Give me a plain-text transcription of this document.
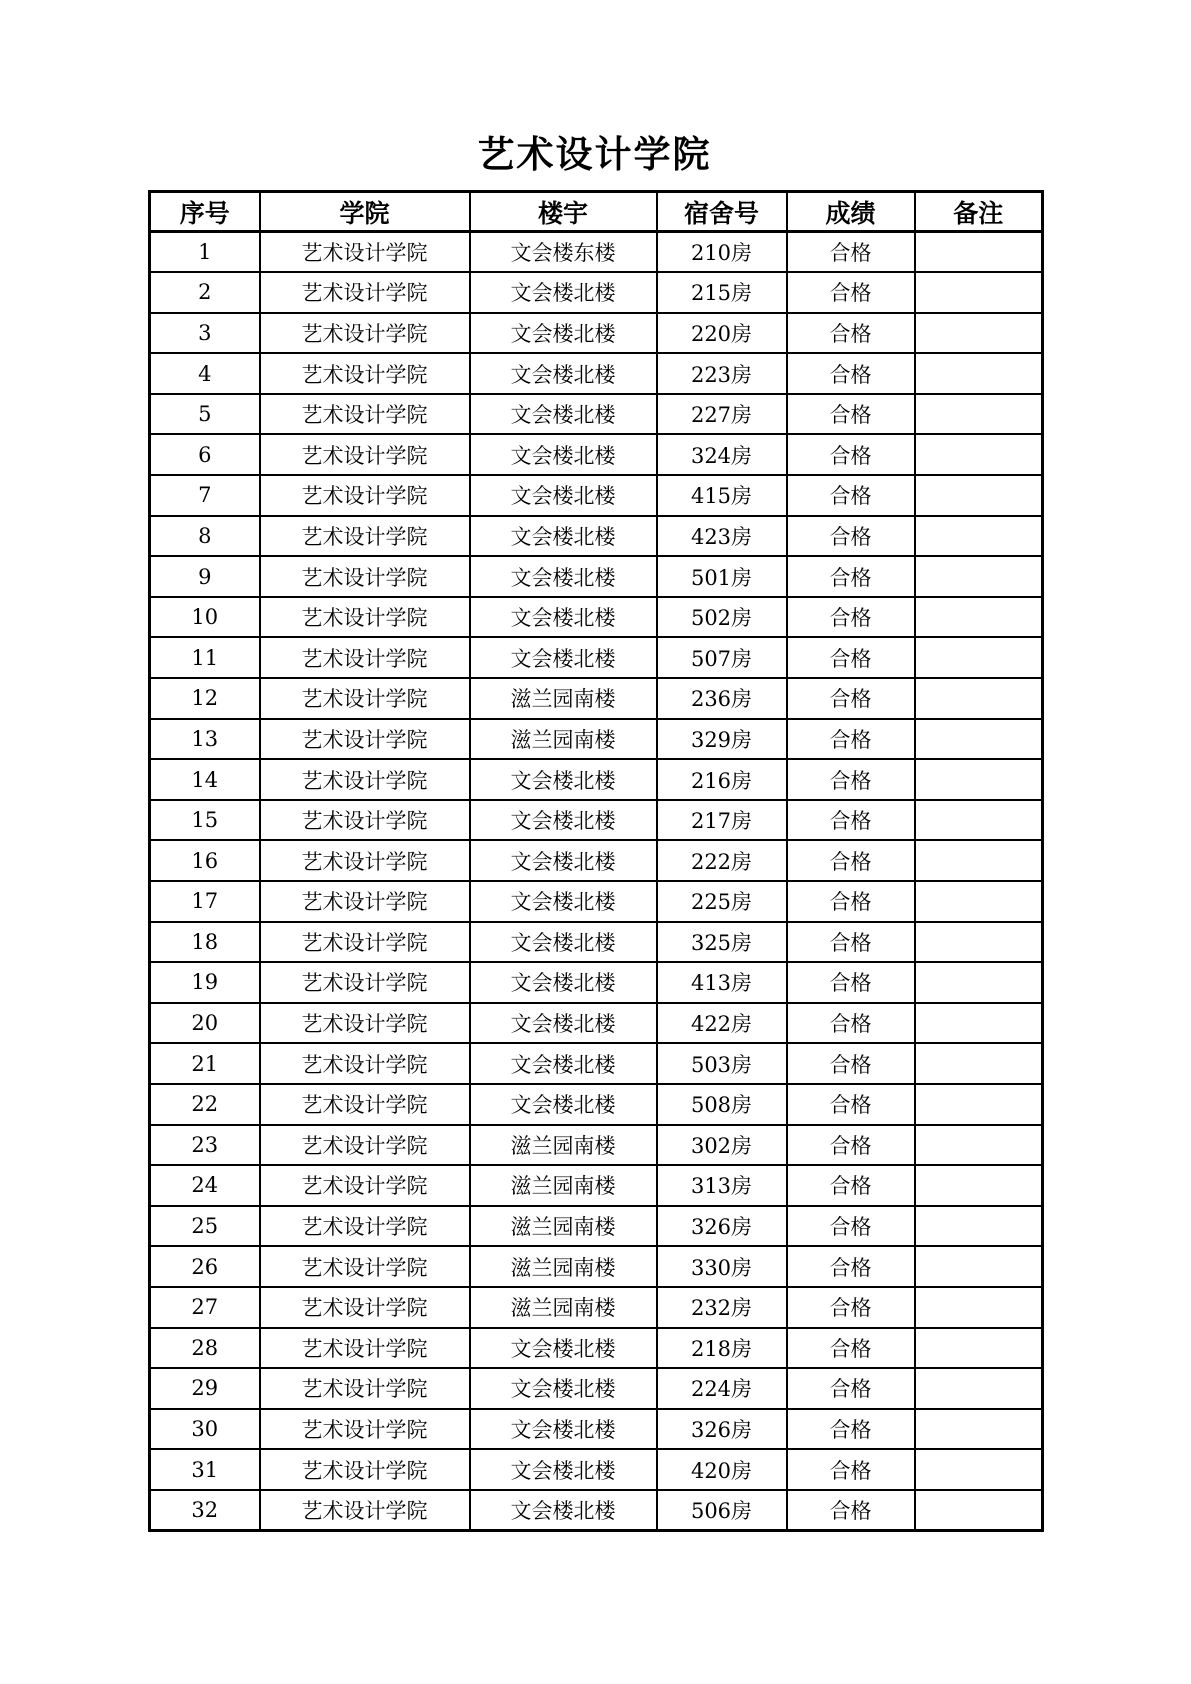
艺术设计学院
序号	学院	楼宇	宿舍号	成绩	备注
1	艺术设计学院	文会楼东楼	210房	合格	
2	艺术设计学院	文会楼北楼	215房	合格	
3	艺术设计学院	文会楼北楼	220房	合格	
4	艺术设计学院	文会楼北楼	223房	合格	
5	艺术设计学院	文会楼北楼	227房	合格	
6	艺术设计学院	文会楼北楼	324房	合格	
7	艺术设计学院	文会楼北楼	415房	合格	
8	艺术设计学院	文会楼北楼	423房	合格	
9	艺术设计学院	文会楼北楼	501房	合格	
10	艺术设计学院	文会楼北楼	502房	合格	
11	艺术设计学院	文会楼北楼	507房	合格	
12	艺术设计学院	滋兰园南楼	236房	合格	
13	艺术设计学院	滋兰园南楼	329房	合格	
14	艺术设计学院	文会楼北楼	216房	合格	
15	艺术设计学院	文会楼北楼	217房	合格	
16	艺术设计学院	文会楼北楼	222房	合格	
17	艺术设计学院	文会楼北楼	225房	合格	
18	艺术设计学院	文会楼北楼	325房	合格	
19	艺术设计学院	文会楼北楼	413房	合格	
20	艺术设计学院	文会楼北楼	422房	合格	
21	艺术设计学院	文会楼北楼	503房	合格	
22	艺术设计学院	文会楼北楼	508房	合格	
23	艺术设计学院	滋兰园南楼	302房	合格	
24	艺术设计学院	滋兰园南楼	313房	合格	
25	艺术设计学院	滋兰园南楼	326房	合格	
26	艺术设计学院	滋兰园南楼	330房	合格	
27	艺术设计学院	滋兰园南楼	232房	合格	
28	艺术设计学院	文会楼北楼	218房	合格	
29	艺术设计学院	文会楼北楼	224房	合格	
30	艺术设计学院	文会楼北楼	326房	合格	
31	艺术设计学院	文会楼北楼	420房	合格	
32	艺术设计学院	文会楼北楼	506房	合格	
